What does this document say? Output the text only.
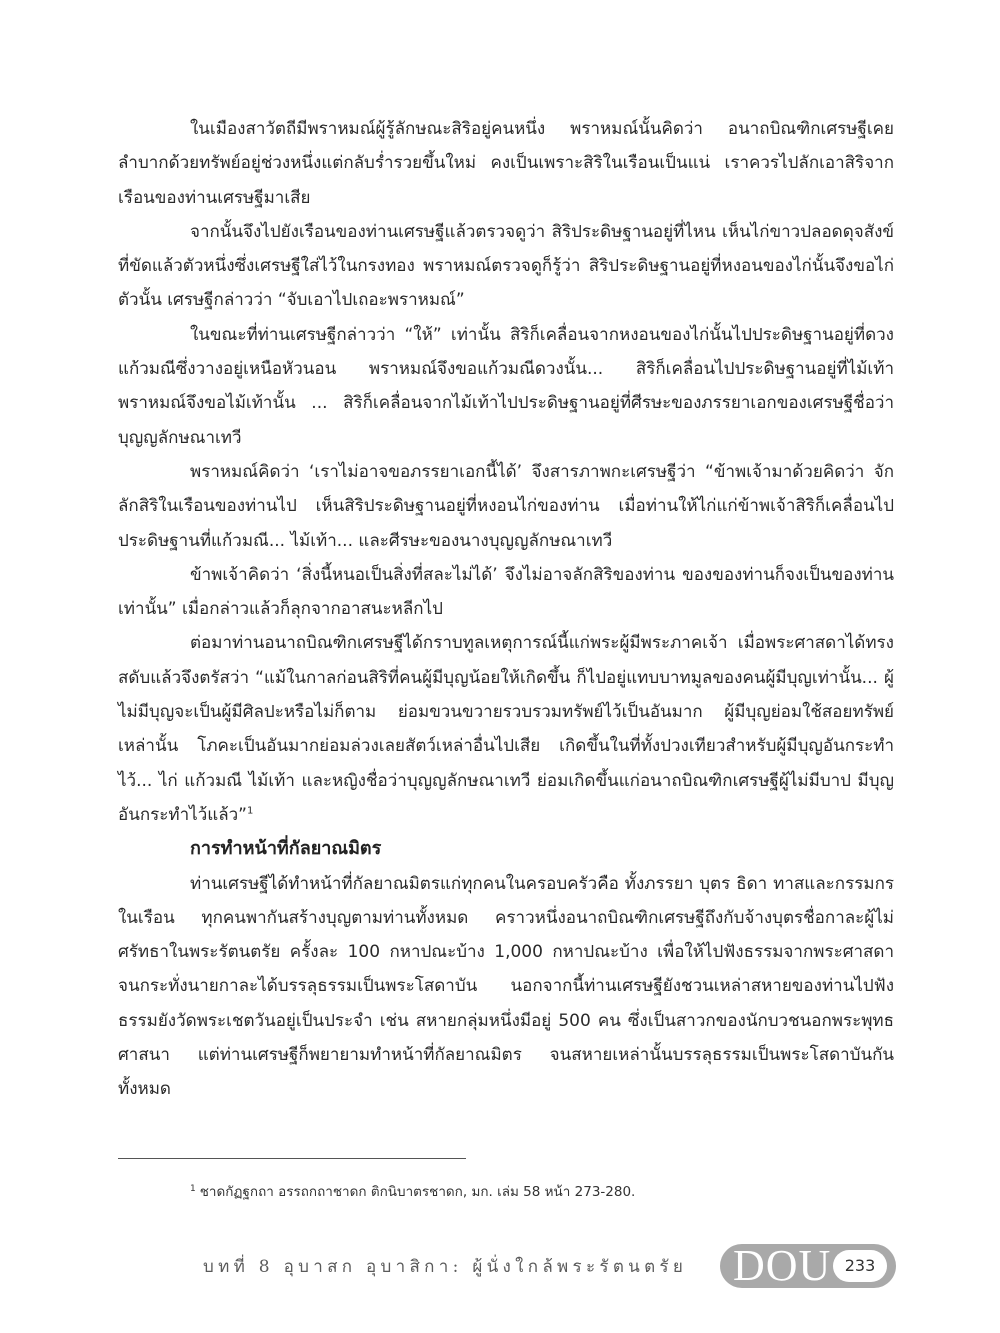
ในเมืองสาวัตถีมีพราหมณ์ผู้รู้ลักษณะสิริอยู่คนหนึ่ง พราหมณ์นั้นคิดว่า อนาถบิณฑิกเศรษฐีเคยลำบากด้วยทรัพย์อยู่ช่วงหนึ่งแต่กลับร่ำรวยขึ้นใหม่ คงเป็นเพราะสิริในเรือนเป็นแน่ เราควรไปลักเอาสิริจากเรือนของท่านเศรษฐีมาเสีย

จากนั้นจึงไปยังเรือนของท่านเศรษฐีแล้วตรวจดูว่า สิริประดิษฐานอยู่ที่ไหน เห็นไก่ขาวปลอดดุจสังข์ที่ขัดแล้วตัวหนึ่งซึ่งเศรษฐีใส่ไว้ในกรงทอง พราหมณ์ตรวจดูก็รู้ว่า สิริประดิษฐานอยู่ที่หงอนของไก่นั้นจึงขอไก่ตัวนั้น เศรษฐีกล่าวว่า “จับเอาไปเถอะพราหมณ์”

ในขณะที่ท่านเศรษฐีกล่าวว่า “ให้” เท่านั้น สิริก็เคลื่อนจากหงอนของไก่นั้นไปประดิษฐานอยู่ที่ดวงแก้วมณีซึ่งวางอยู่เหนือหัวนอน พราหมณ์จึงขอแก้วมณีดวงนั้น... สิริก็เคลื่อนไปประดิษฐานอยู่ที่ไม้เท้าพราหมณ์จึงขอไม้เท้านั้น ... สิริก็เคลื่อนจากไม้เท้าไปประดิษฐานอยู่ที่ศีรษะของภรรยาเอกของเศรษฐีชื่อว่าบุญญลักษณาเทวี

พราหมณ์คิดว่า ‘เราไม่อาจขอภรรยาเอกนี้ได้’ จึงสารภาพกะเศรษฐีว่า “ข้าพเจ้ามาด้วยคิดว่า จักลักสิริในเรือนของท่านไป เห็นสิริประดิษฐานอยู่ที่หงอนไก่ของท่าน เมื่อท่านให้ไก่แก่ข้าพเจ้าสิริก็เคลื่อนไปประดิษฐานที่แก้วมณี... ไม้เท้า... และศีรษะของนางบุญญลักษณาเทวี

ข้าพเจ้าคิดว่า ‘สิ่งนี้หนอเป็นสิ่งที่สละไม่ได้’ จึงไม่อาจลักสิริของท่าน ของของท่านก็จงเป็นของท่านเท่านั้น” เมื่อกล่าวแล้วก็ลุกจากอาสนะหลีกไป

ต่อมาท่านอนาถบิณฑิกเศรษฐีได้กราบทูลเหตุการณ์นี้แก่พระผู้มีพระภาคเจ้า เมื่อพระศาสดาได้ทรงสดับแล้วจึงตรัสว่า “แม้ในกาลก่อนสิริที่คนผู้มีบุญน้อยให้เกิดขึ้น ก็ไปอยู่แทบบาทมูลของคนผู้มีบุญเท่านั้น... ผู้ไม่มีบุญจะเป็นผู้มีศิลปะหรือไม่ก็ตาม ย่อมขวนขวายรวบรวมทรัพย์ไว้เป็นอันมาก ผู้มีบุญย่อมใช้สอยทรัพย์เหล่านั้น โภคะเป็นอันมากย่อมล่วงเลยสัตว์เหล่าอื่นไปเสีย เกิดขึ้นในที่ทั้งปวงเทียวสำหรับผู้มีบุญอันกระทำไว้... ไก่ แก้วมณี ไม้เท้า และหญิงชื่อว่าบุญญลักษณาเทวี ย่อมเกิดขึ้นแก่อนาถบิณฑิกเศรษฐีผู้ไม่มีบาป มีบุญอันกระทำไว้แล้ว”$^1$

การทำหน้าที่กัลยาณมิตร

ท่านเศรษฐีได้ทำหน้าที่กัลยาณมิตรแก่ทุกคนในครอบครัวคือ ทั้งภรรยา บุตร ธิดา ทาสและกรรมกรในเรือน ทุกคนพากันสร้างบุญตามท่านทั้งหมด คราวหนึ่งอนาถบิณฑิกเศรษฐีถึงกับจ้างบุตรชื่อกาละผู้ไม่ศรัทธาในพระรัตนตรัย ครั้งละ 100 กหาปณะบ้าง 1,000 กหาปณะบ้าง เพื่อให้ไปฟังธรรมจากพระศาสดา จนกระทั่งนายกาละได้บรรลุธรรมเป็นพระโสดาบัน นอกจากนี้ท่านเศรษฐียังชวนเหล่าสหายของท่านไปฟังธรรมยังวัดพระเชตวันอยู่เป็นประจำ เช่น สหายกลุ่มหนึ่งมีอยู่ 500 คน ซึ่งเป็นสาวกของนักบวชนอกพระพุทธศาสนา แต่ท่านเศรษฐีก็พยายามทำหน้าที่กัลยาณมิตร จนสหายเหล่านั้นบรรลุธรรมเป็นพระโสดาบันกันทั้งหมด

$^1$ ชาดกัฏฐกถา อรรถกถาชาดก ติกนิบาตรชาดก, มก. เล่ม 58 หน้า 273-280.
บทที่ 8 อุบาสก อุบาสิกา: ผู้นั่งใกล้พระรัตนตรัย DOU 233
